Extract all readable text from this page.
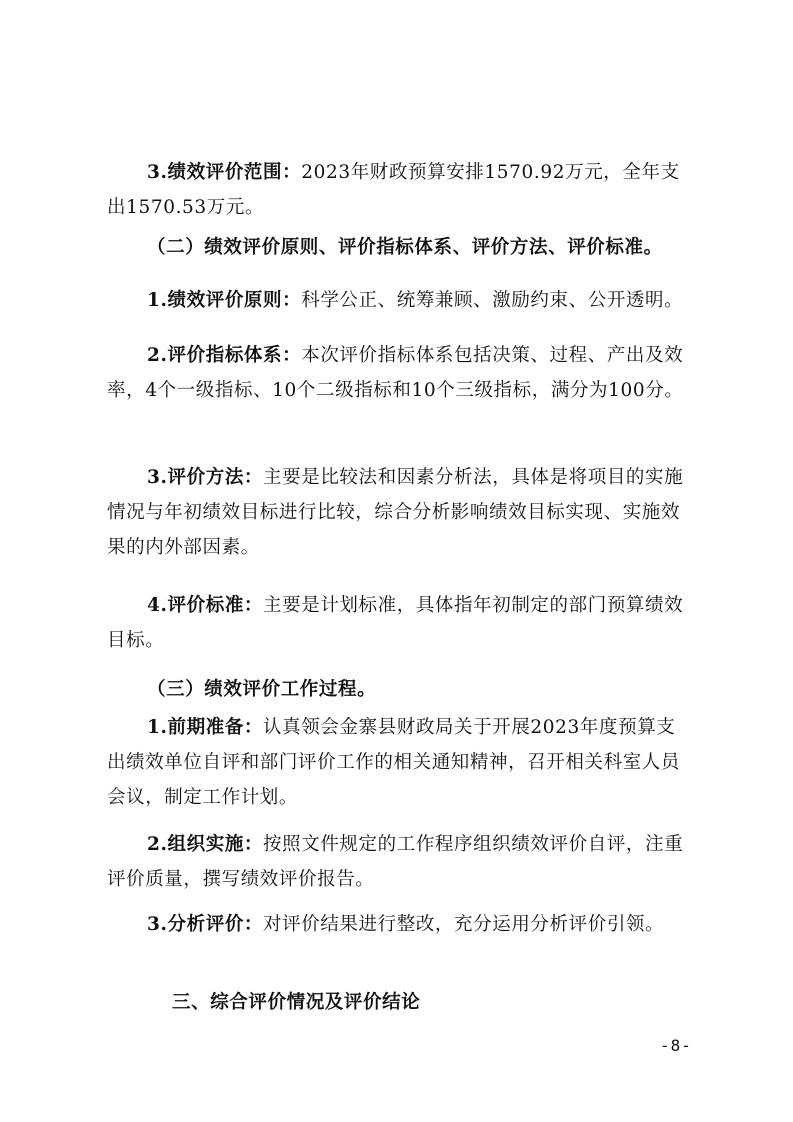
3.绩效评价范围：2023年财政预算安排1570.92万元，全年支出1570.53万元。

（二）绩效评价原则、评价指标体系、评价方法、评价标准。

1.绩效评价原则：科学公正、统筹兼顾、激励约束、公开透明。

2.评价指标体系：本次评价指标体系包括决策、过程、产出及效率，4个一级指标、10个二级指标和10个三级指标，满分为100分。

3.评价方法：主要是比较法和因素分析法，具体是将项目的实施情况与年初绩效目标进行比较，综合分析影响绩效目标实现、实施效果的内外部因素。

4.评价标准：主要是计划标准，具体指年初制定的部门预算绩效目标。

（三）绩效评价工作过程。

1.前期准备：认真领会金寨县财政局关于开展2023年度预算支出绩效单位自评和部门评价工作的相关通知精神，召开相关科室人员会议，制定工作计划。

2.组织实施：按照文件规定的工作程序组织绩效评价自评，注重评价质量，撰写绩效评价报告。

3.分析评价：对评价结果进行整改，充分运用分析评价引领。

三、综合评价情况及评价结论

-8-
